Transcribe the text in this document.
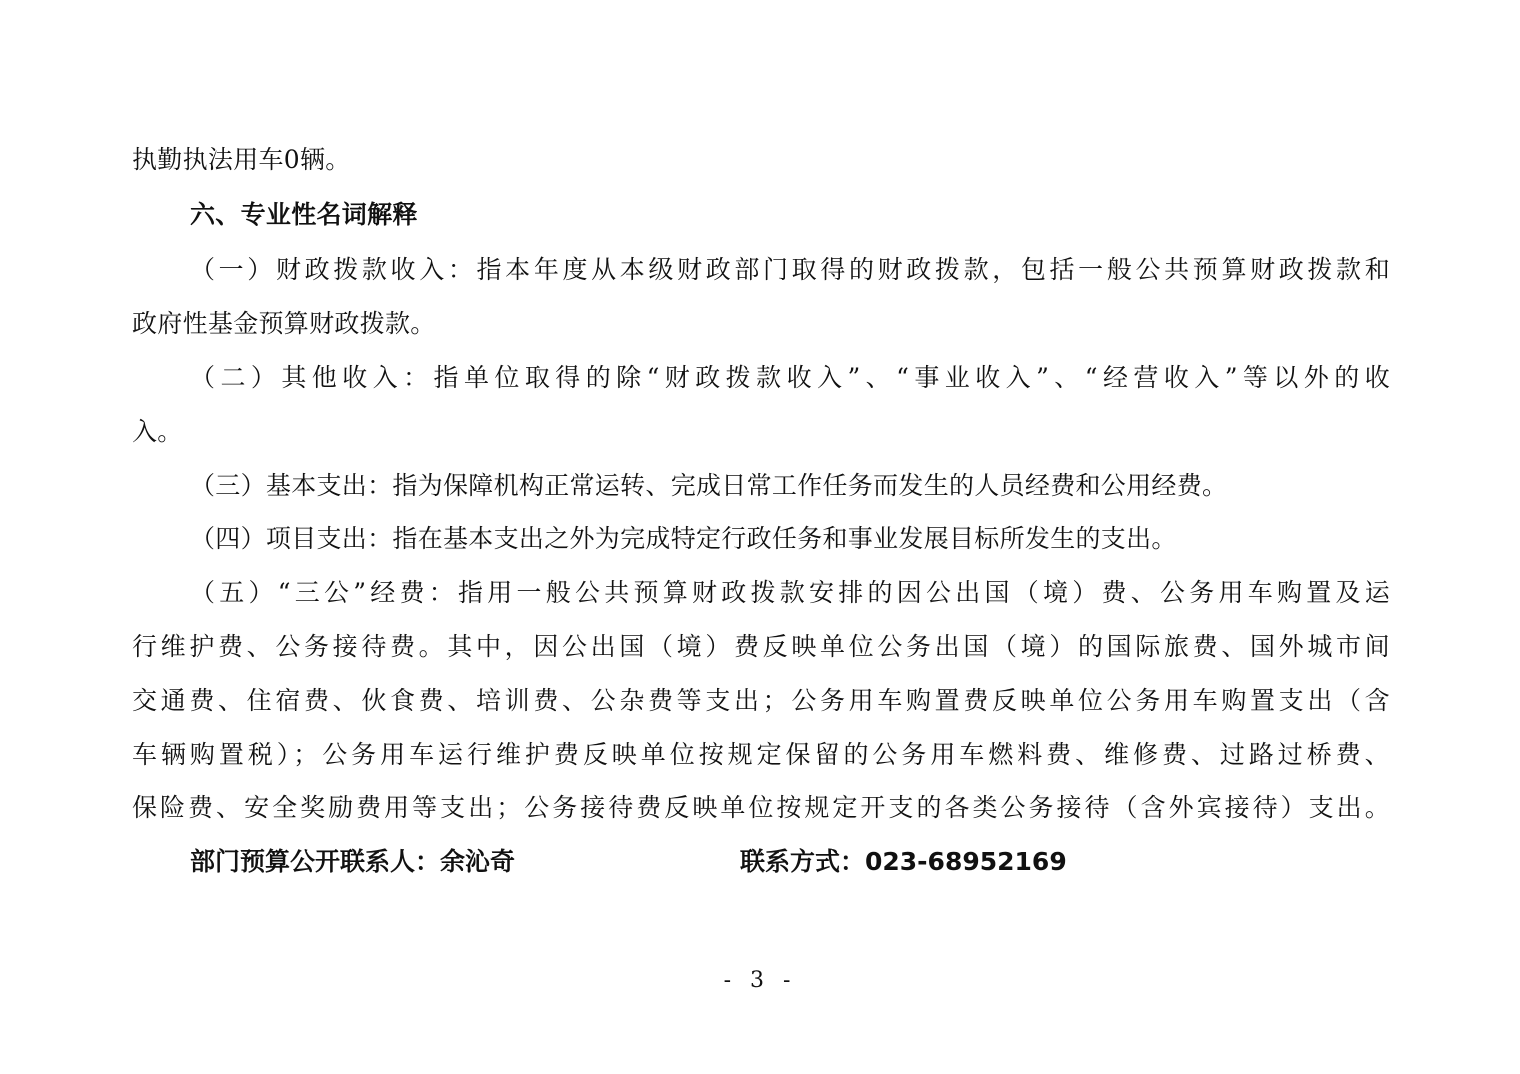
执勤执法用车0辆。
六、专业性名词解释
（一）财政拨款收入：指本年度从本级财政部门取得的财政拨款，包括一般公共预算财政拨款和
政府性基金预算财政拨款。
（二）其他收入：指单位取得的除“财政拨款收入”、“事业收入”、“经营收入”等以外的收
入。
（三）基本支出：指为保障机构正常运转、完成日常工作任务而发生的人员经费和公用经费。
（四）项目支出：指在基本支出之外为完成特定行政任务和事业发展目标所发生的支出。
（五）“三公”经费：指用一般公共预算财政拨款安排的因公出国（境）费、公务用车购置及运
行维护费、公务接待费。其中，因公出国（境）费反映单位公务出国（境）的国际旅费、国外城市间
交通费、住宿费、伙食费、培训费、公杂费等支出；公务用车购置费反映单位公务用车购置支出（含
车辆购置税）；公务用车运行维护费反映单位按规定保留的公务用车燃料费、维修费、过路过桥费、
保险费、安全奖励费用等支出；公务接待费反映单位按规定开支的各类公务接待（含外宾接待）支出。
部门预算公开联系人：余沁奇	联系方式：023-68952169
- 3 -
